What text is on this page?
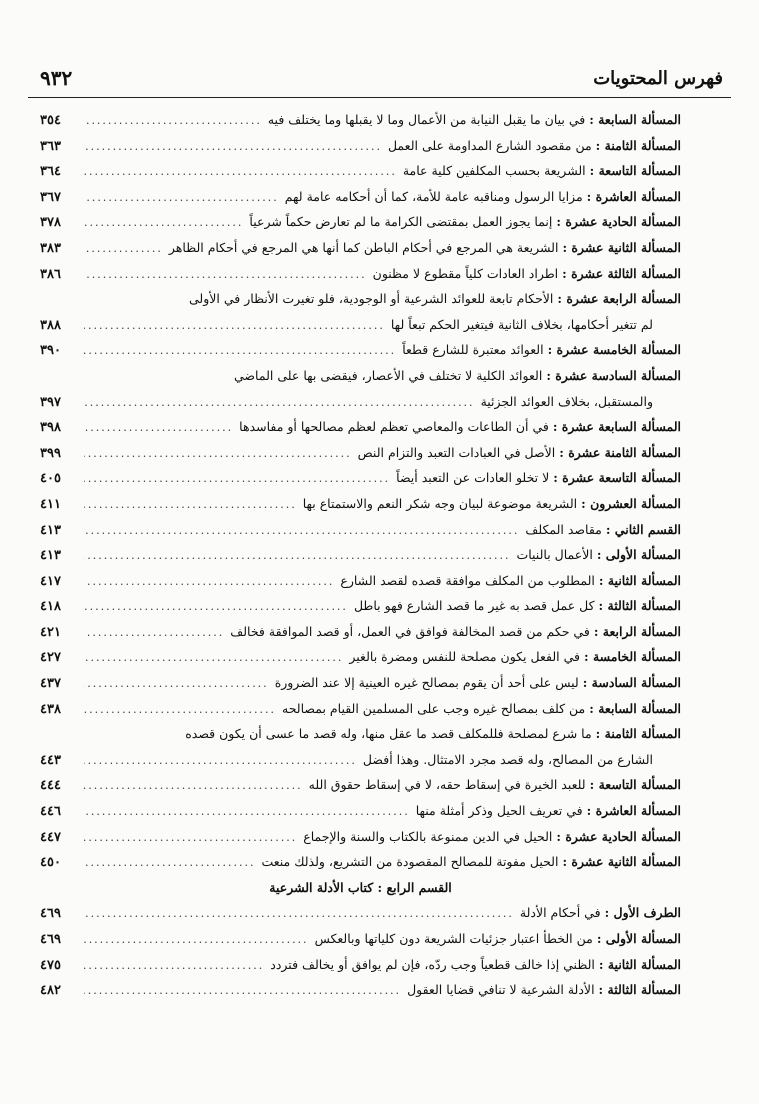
فهرس المحتويات
٩٣٢
المسألة السابعة :
في بيان ما يقبل النيابة من الأعمال وما لا يقبلها وما يختلف فيه
.....
٣٥٤
المسألة الثامنة :
من مقصود الشارع المداومة على العمل
.....
٣٦٣
المسألة التاسعة :
الشريعة بحسب المكلفين كلية عامة
.....
٣٦٤
المسألة العاشرة :
مزايا الرسول ومناقبه عامة للأمة، كما أن أحكامه عامة لهم
.....
٣٦٧
المسألة الحادية عشرة :
إنما يجوز العمل بمقتضى الكرامة ما لم تعارض حكماً شرعياً
.....
٣٧٨
المسألة الثانية عشرة :
الشريعة هي المرجع في أحكام الباطن كما أنها هي المرجع في أحكام الظاهر
.....
٣٨٣
المسألة الثالثة عشرة :
اطراد العادات كلياً مقطوع لا مظنون
.....
٣٨٦
المسألة الرابعة عشرة :
الأحكام تابعة للعوائد الشرعية أو الوجودية، فلو تغيرت الأنظار في الأولى
لم تتغير أحكامها، بخلاف الثانية فيتغير الحكم تبعاً لها
.....
٣٨٨
المسألة الخامسة عشرة :
العوائد معتبرة للشارع قطعاً
.....
٣٩٠
المسألة السادسة عشرة :
العوائد الكلية لا تختلف في الأعصار، فيقضى بها على الماضي
والمستقبل، بخلاف العوائد الجزئية
.....
٣٩٧
المسألة السابعة عشرة :
في أن الطاعات والمعاصي تعظم لعظم مصالحها أو مفاسدها
.....
٣٩٨
المسألة الثامنة عشرة :
الأصل في العبادات التعبد والتزام النص
.....
٣٩٩
المسألة التاسعة عشرة :
لا تخلو العادات عن التعبد أيضاً
.....
٤٠٥
المسألة العشرون :
الشريعة موضوعة لبيان وجه شكر النعم والاستمتاع بها
.....
٤١١
القسم الثاني :
مقاصد المكلف
.....
٤١٣
المسألة الأولى :
الأعمال بالنيات
.....
٤١٣
المسألة الثانية :
المطلوب من المكلف موافقة قصده لقصد الشارع
.....
٤١٧
المسألة الثالثة :
كل عمل قصد به غير ما قصد الشارع فهو باطل
.....
٤١٨
المسألة الرابعة :
في حكم من قصد المخالفة فوافق في العمل، أو قصد الموافقة فخالف
.....
٤٢١
المسألة الخامسة :
في الفعل يكون مصلحة للنفس ومضرة بالغير
.....
٤٢٧
المسألة السادسة :
ليس على أحد أن يقوم بمصالح غيره العينية إلا عند الضرورة
.....
٤٣٧
المسألة السابعة :
من كلف بمصالح غيره وجب على المسلمين القيام بمصالحه
.....
٤٣٨
المسألة الثامنة :
ما شرع لمصلحة فللمكلف قصد ما عقل منها، وله قصد ما عسى أن يكون قصده
الشارع من المصالح، وله قصد مجرد الامتثال. وهذا أفضل
.....
٤٤٣
المسألة التاسعة :
للعبد الخيرة في إسقاط حقه، لا في إسقاط حقوق الله
.....
٤٤٤
المسألة العاشرة :
في تعريف الحيل وذكر أمثلة منها
.....
٤٤٦
المسألة الحادية عشرة :
الحيل في الدين ممنوعة بالكتاب والسنة والإجماع
.....
٤٤٧
المسألة الثانية عشرة :
الحيل مفوتة للمصالح المقصودة من التشريع، ولذلك منعت
.....
٤٥٠
القسم الرابع : كتاب الأدلة الشرعية
الطرف الأول :
في أحكام الأدلة
.....
٤٦٩
المسألة الأولى :
من الخطأ اعتبار جزئيات الشريعة دون كلياتها وبالعكس
.....
٤٦٩
المسألة الثانية :
الظني إذا خالف قطعياً وجب ردّه، فإن لم يوافق أو يخالف فتردد
.....
٤٧٥
المسألة الثالثة :
الأدلة الشرعية لا تنافي قضايا العقول
.....
٤٨٢
